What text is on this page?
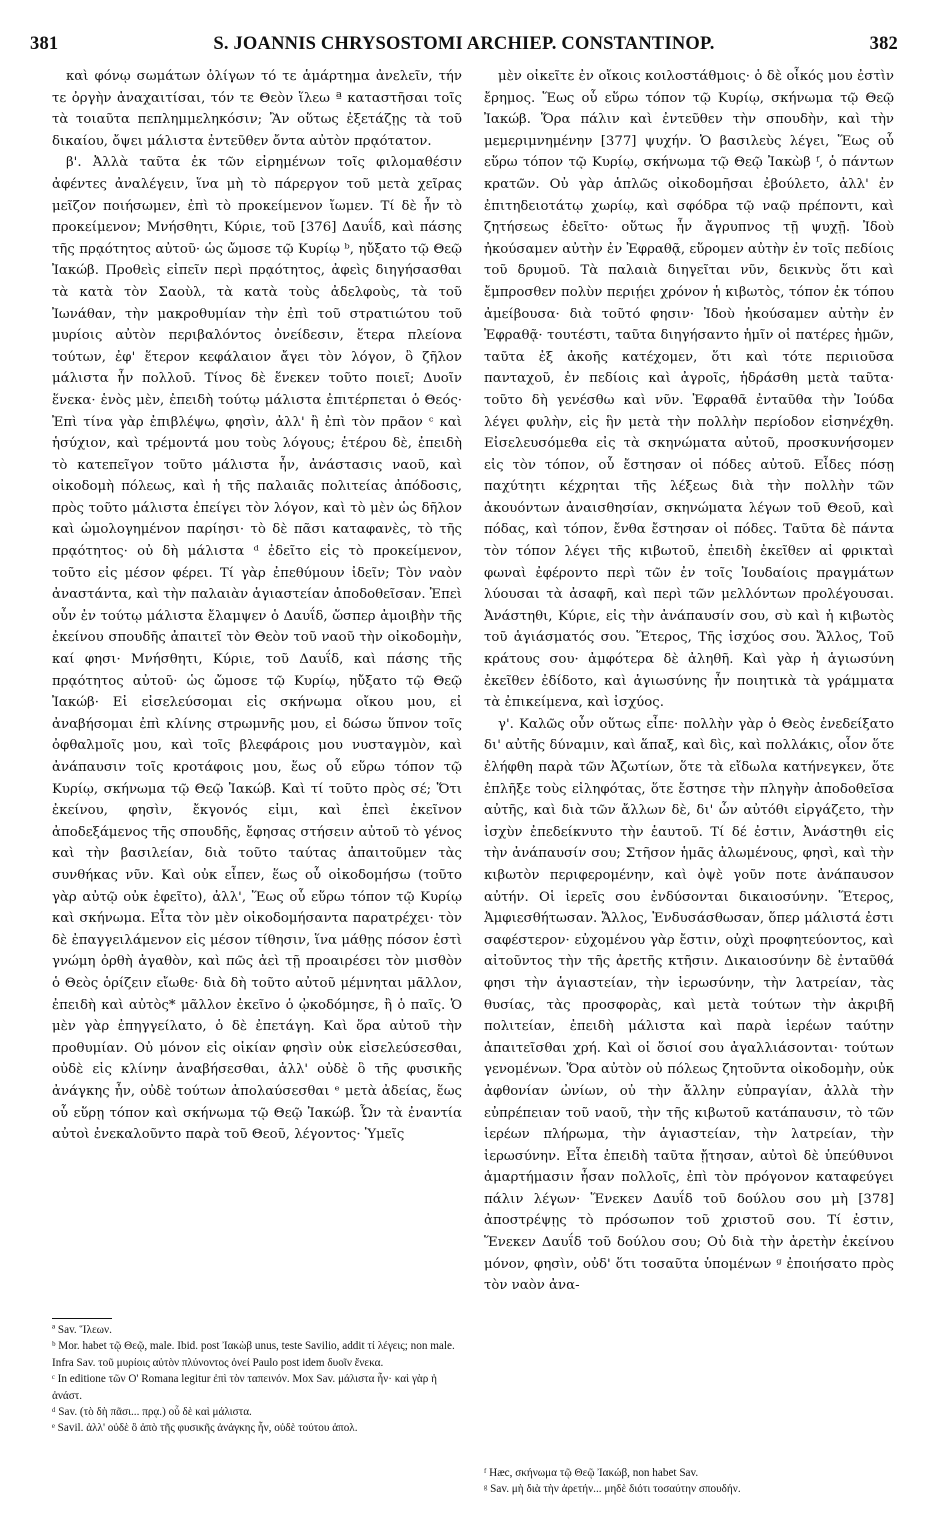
381	S. JOANNIS CHRYSOSTOMI ARCHIEP. CONSTANTINOP.	382

καὶ φόνῳ σωμάτων ὀλίγων τό τε ἁμάρτημα ἀνελεῖν, τήν τε ὀργὴν ἀναχαιτίσαι, τόν τε Θεὸν ἵλεω ª καταστῆσαι τοῖς τὰ τοιαῦτα πεπλημμεληκόσιν; Ἂν οὕτως ἐξετάζῃς τὰ τοῦ δικαίου, ὄψει μάλιστα ἐντεῦθεν ὄντα αὐτὸν πρᾳότατον.

β'. Ἀλλὰ ταῦτα ἐκ τῶν εἰρημένων τοῖς φιλομαθέσιν ἀφέντες ἀναλέγειν, ἵνα μὴ τὸ πάρεργον τοῦ μετὰ χεῖρας μεῖζον ποιήσωμεν, ἐπὶ τὸ προκείμενον ἴωμεν. Τί δὲ ἦν τὸ προκείμενον; Μνήσθητι, Κύριε, τοῦ [376] Δαυΐδ, καὶ πάσης τῆς πρᾳότητος αὐτοῦ· ὡς ὤμοσε τῷ Κυρίῳ ᵇ, ηὔξατο τῷ Θεῷ Ἰακώβ. Προθεὶς εἰπεῖν περὶ πρᾳότητος, ἀφεὶς διηγήσασθαι τὰ κατὰ τὸν Σαοὺλ, τὰ κατὰ τοὺς ἀδελφοὺς, τὰ τοῦ Ἰωνάθαν, τὴν μακροθυμίαν τὴν ἐπὶ τοῦ στρατιώτου τοῦ μυρίοις αὐτὸν περιβαλόντος ὀνείδεσιν, ἕτερα πλείονα τούτων, ἐφ' ἕτερον κεφάλαιον ἄγει τὸν λόγον, ὃ ζῆλον μάλιστα ἦν πολλοῦ. Τίνος δὲ ἕνεκεν τοῦτο ποιεῖ; Δυοῖν ἕνεκα· ἑνὸς μὲν, ἐπειδὴ τούτῳ μάλιστα ἐπιτέρπεται ὁ Θεός· Ἐπὶ τίνα γὰρ ἐπιβλέψω, φησὶν, ἀλλ' ἢ ἐπὶ τὸν πρᾶον ᶜ καὶ ἡσύχιον, καὶ τρέμοντά μου τοὺς λόγους; ἑτέρου δὲ, ἐπειδὴ τὸ κατεπεῖγον τοῦτο μάλιστα ἦν, ἀνάστασις ναοῦ, καὶ οἰκοδομὴ πόλεως, καὶ ἡ τῆς παλαιᾶς πολιτείας ἀπόδοσις, πρὸς τοῦτο μάλιστα ἐπείγει τὸν λόγον, καὶ τὸ μὲν ὡς δῆλον καὶ ὡμολογημένον παρίησι· τὸ δὲ πᾶσι καταφανὲς, τὸ τῆς πρᾳότητος· οὐ δὴ μάλιστα ᵈ ἐδεῖτο εἰς τὸ προκείμενον, τοῦτο εἰς μέσον φέρει. Τί γὰρ ἐπεθύμουν ἰδεῖν; Τὸν ναὸν ἀναστάντα, καὶ τὴν παλαιὰν ἁγιαστείαν ἀποδοθεῖσαν. Ἐπεὶ οὖν ἐν τούτῳ μάλιστα ἔλαμψεν ὁ Δαυΐδ, ὥσπερ ἀμοιβὴν τῆς ἐκείνου σπουδῆς ἀπαιτεῖ τὸν Θεὸν τοῦ ναοῦ τὴν οἰκοδομὴν, καί φησι· Μνήσθητι, Κύριε, τοῦ Δαυΐδ, καὶ πάσης τῆς πρᾳότητος αὐτοῦ· ὡς ὤμοσε τῷ Κυρίῳ, ηὔξατο τῷ Θεῷ Ἰακώβ· Εἰ εἰσελεύσομαι εἰς σκήνωμα οἴκου μου, εἰ ἀναβήσομαι ἐπὶ κλίνης στρωμνῆς μου, εἰ δώσω ὕπνον τοῖς ὀφθαλμοῖς μου, καὶ τοῖς βλεφάροις μου νυσταγμὸν, καὶ ἀνάπαυσιν τοῖς κροτάφοις μου, ἕως οὗ εὕρω τόπον τῷ Κυρίῳ, σκήνωμα τῷ Θεῷ Ἰακώβ. Καὶ τί τοῦτο πρὸς σέ; Ὅτι ἐκείνου, φησὶν, ἔκγονός εἰμι, καὶ ἐπεὶ ἐκεῖνον ἀποδεξάμενος τῆς σπουδῆς, ἔφησας στήσειν αὐτοῦ τὸ γένος καὶ τὴν βασιλείαν, διὰ τοῦτο ταύτας ἀπαιτοῦμεν τὰς συνθήκας νῦν. Καὶ οὐκ εἶπεν, ἕως οὗ οἰκοδομήσω (τοῦτο γὰρ αὐτῷ οὐκ ἐφεῖτο), ἀλλ', Ἕως οὗ εὕρω τόπον τῷ Κυρίῳ καὶ σκήνωμα. Εἶτα τὸν μὲν οἰκοδομήσαντα παρατρέχει· τὸν δὲ ἐπαγγειλάμενον εἰς μέσον τίθησιν, ἵνα μάθῃς πόσον ἐστὶ γνώμη ὀρθὴ ἀγαθὸν, καὶ πῶς ἀεὶ τῇ προαιρέσει τὸν μισθὸν ὁ Θεὸς ὁρίζειν εἴωθε· διὰ δὴ τοῦτο αὐτοῦ μέμνηται μᾶλλον, ἐπειδὴ καὶ αὐτὸς* μᾶλλον ἐκεῖνο ὁ ᾠκοδόμησε, ἢ ὁ παῖς. Ὁ μὲν γὰρ ἐπηγγείλατο, ὁ δὲ ἐπετάγη. Καὶ ὅρα αὐτοῦ τὴν προθυμίαν. Οὐ μόνον εἰς οἰκίαν φησὶν οὐκ εἰσελεύσεσθαι, οὐδὲ εἰς κλίνην ἀναβήσεσθαι, ἀλλ' οὐδὲ ὃ τῆς φυσικῆς ἀνάγκης ἦν, οὐδὲ τούτων ἀπολαύσεσθαι ᵉ μετὰ ἀδείας, ἕως οὗ εὕρῃ τόπον καὶ σκήνωμα τῷ Θεῷ Ἰακώβ. Ὧν τὰ ἐναντία αὐτοὶ ἐνεκαλοῦντο παρὰ τοῦ Θεοῦ, λέγοντος· Ὑμεῖς

μὲν οἰκεῖτε ἐν οἴκοις κοιλοστάθμοις· ὁ δὲ οἶκός μου ἐστὶν ἔρημος. Ἕως οὗ εὕρω τόπον τῷ Κυρίῳ, σκήνωμα τῷ Θεῷ Ἰακώβ. Ὅρα πάλιν καὶ ἐντεῦθεν τὴν σπουδὴν, καὶ τὴν μεμεριμνημένην [377] ψυχήν. Ὁ βασιλεὺς λέγει, Ἕως οὗ εὕρω τόπον τῷ Κυρίῳ, σκήνωμα τῷ Θεῷ Ἰακὼβ ᶠ, ὁ πάντων κρατῶν. Οὐ γὰρ ἁπλῶς οἰκοδομῆσαι ἐβούλετο, ἀλλ' ἐν ἐπιτηδειοτάτῳ χωρίῳ, καὶ σφόδρα τῷ ναῷ πρέποντι, καὶ ζητήσεως ἐδεῖτο· οὕτως ἦν ἄγρυπνος τῇ ψυχῇ. Ἰδοὺ ἠκούσαμεν αὐτὴν ἐν Ἐφραθᾷ, εὕρομεν αὐτὴν ἐν τοῖς πεδίοις τοῦ δρυμοῦ. Τὰ παλαιὰ διηγεῖται νῦν, δεικνὺς ὅτι καὶ ἔμπροσθεν πολὺν περιῄει χρόνον ἡ κιβωτὸς, τόπον ἐκ τόπου ἀμείβουσα· διὰ τοῦτό φησιν· Ἰδοὺ ἠκούσαμεν αὐτὴν ἐν Ἐφραθᾷ· τουτέστι, ταῦτα διηγήσαντο ἡμῖν οἱ πατέρες ἡμῶν, ταῦτα ἐξ ἀκοῆς κατέχομεν, ὅτι καὶ τότε περιιοῦσα πανταχοῦ, ἐν πεδίοις καὶ ἀγροῖς, ἡδράσθη μετὰ ταῦτα· τοῦτο δὴ γενέσθω καὶ νῦν. Ἐφραθᾶ ἐνταῦθα τὴν Ἰούδα λέγει φυλὴν, εἰς ἣν μετὰ τὴν πολλὴν περίοδον εἰσηνέχθη. Εἰσελευσόμεθα εἰς τὰ σκηνώματα αὐτοῦ, προσκυνήσομεν εἰς τὸν τόπον, οὗ ἔστησαν οἱ πόδες αὐτοῦ. Εἶδες πόσῃ παχύτητι κέχρηται τῆς λέξεως διὰ τὴν πολλὴν τῶν ἀκουόντων ἀναισθησίαν, σκηνώματα λέγων τοῦ Θεοῦ, καὶ πόδας, καὶ τόπον, ἔνθα ἔστησαν οἱ πόδες. Ταῦτα δὲ πάντα τὸν τόπον λέγει τῆς κιβωτοῦ, ἐπειδὴ ἐκεῖθεν αἱ φρικταὶ φωναὶ ἐφέροντο περὶ τῶν ἐν τοῖς Ἰουδαίοις πραγμάτων λύουσαι τὰ ἀσαφῆ, καὶ περὶ τῶν μελλόντων προλέγουσαι. Ἀνάστηθι, Κύριε, εἰς τὴν ἀνάπαυσίν σου, σὺ καὶ ἡ κιβωτὸς τοῦ ἁγιάσματός σου. Ἕτερος, Τῆς ἰσχύος σου. Ἄλλος, Τοῦ κράτους σου· ἀμφότερα δὲ ἀληθῆ. Καὶ γὰρ ἡ ἁγιωσύνη ἐκεῖθεν ἐδίδοτο, καὶ ἁγιωσύνης ἦν ποιητικὰ τὰ γράμματα τὰ ἐπικείμενα, καὶ ἰσχύος.

γ'. Καλῶς οὖν οὕτως εἶπε· πολλὴν γὰρ ὁ Θεὸς ἐνεδείξατο δι' αὐτῆς δύναμιν, καὶ ἅπαξ, καὶ δὶς, καὶ πολλάκις, οἷον ὅτε ἐλήφθη παρὰ τῶν Ἀζωτίων, ὅτε τὰ εἴδωλα κατήνεγκεν, ὅτε ἐπλῆξε τοὺς εἰληφότας, ὅτε ἔστησε τὴν πληγὴν ἀποδοθεῖσα αὐτῆς, καὶ διὰ τῶν ἄλλων δὲ, δι' ὧν αὐτόθι εἰργάζετο, τὴν ἰσχὺν ἐπεδείκνυτο τὴν ἑαυτοῦ. Τί δέ ἐστιν, Ἀνάστηθι εἰς τὴν ἀνάπαυσίν σου; Στῆσον ἡμᾶς ἀλωμένους, φησὶ, καὶ τὴν κιβωτὸν περιφερομένην, καὶ ὀψὲ γοῦν ποτε ἀνάπαυσον αὐτήν. Οἱ ἱερεῖς σου ἐνδύσονται δικαιοσύνην. Ἕτερος, Ἀμφιεσθήτωσαν. Ἄλλος, Ἐνδυσάσθωσαν, ὅπερ μάλιστά ἐστι σαφέστερον· εὐχομένου γὰρ ἔστιν, οὐχὶ προφητεύοντος, καὶ αἰτοῦντος τὴν τῆς ἀρετῆς κτῆσιν. Δικαιοσύνην δὲ ἐνταῦθά φησι τὴν ἁγιαστείαν, τὴν ἱερωσύνην, τὴν λατρείαν, τὰς θυσίας, τὰς προσφορὰς, καὶ μετὰ τούτων τὴν ἀκριβῆ πολιτείαν, ἐπειδὴ μάλιστα καὶ παρὰ ἱερέων ταύτην ἀπαιτεῖσθαι χρή. Καὶ οἱ ὅσιοί σου ἀγαλλιάσονται· τούτων γενομένων. Ὅρα αὐτὸν οὐ πόλεως ζητοῦντα οἰκοδομὴν, οὐκ ἀφθονίαν ὠνίων, οὐ τὴν ἄλλην εὐπραγίαν, ἀλλὰ τὴν εὐπρέπειαν τοῦ ναοῦ, τὴν τῆς κιβωτοῦ κατάπαυσιν, τὸ τῶν ἱερέων πλήρωμα, τὴν ἁγιαστείαν, τὴν λατρείαν, τὴν ἱερωσύνην. Εἶτα ἐπειδὴ ταῦτα ᾔτησαν, αὐτοὶ δὲ ὑπεύθυνοι ἁμαρτήμασιν ἦσαν πολλοῖς, ἐπὶ τὸν πρόγονον καταφεύγει πάλιν λέγων· Ἕνεκεν Δαυΐδ τοῦ δούλου σου μὴ [378] ἀποστρέψῃς τὸ πρόσωπον τοῦ χριστοῦ σου. Τί ἐστιν, Ἕνεκεν Δαυΐδ τοῦ δούλου σου; Οὐ διὰ τὴν ἀρετὴν ἐκείνου μόνον, φησὶν, οὐδ' ὅτι τοσαῦτα ὑπομένων ᵍ ἐποιήσατο πρὸς τὸν ναὸν ἀνα-

ª Sav. Ἵλεων.
ᵇ Mor. habet τῷ Θεῷ, male. Ibid. post Ἰακὼβ unus, teste Savilio, addit τί λέγεις; non male. Infra Sav. τοῦ μυρίοις αὐτὸν πλύνοντος ὀνεί Paulo post idem δυοῖν ἕνεκα.
ᶜ In editione τῶν Ο' Romana legitur ἐπὶ τὸν ταπεινόν. Mox Sav. μάλιστα ἦν· καὶ γὰρ ἡ ἀνάστ.
ᵈ Sav. (τὸ δὴ πᾶσι... πρᾳ.) οὗ δὲ καὶ μάλιστα.
ᵉ Savil. ἀλλ' οὐδὲ ὃ ἀπὸ τῆς φυσικῆς ἀνάγκης ἦν, οὐδὲ τούτου ἀπολ.
ᶠ Hæc, σκήνωμα τῷ Θεῷ Ἰακώβ, non habet Sav.
ᵍ Sav. μὴ διὰ τὴν ἀρετήν... μηδὲ διότι τοσαύτην σπουδήν.
